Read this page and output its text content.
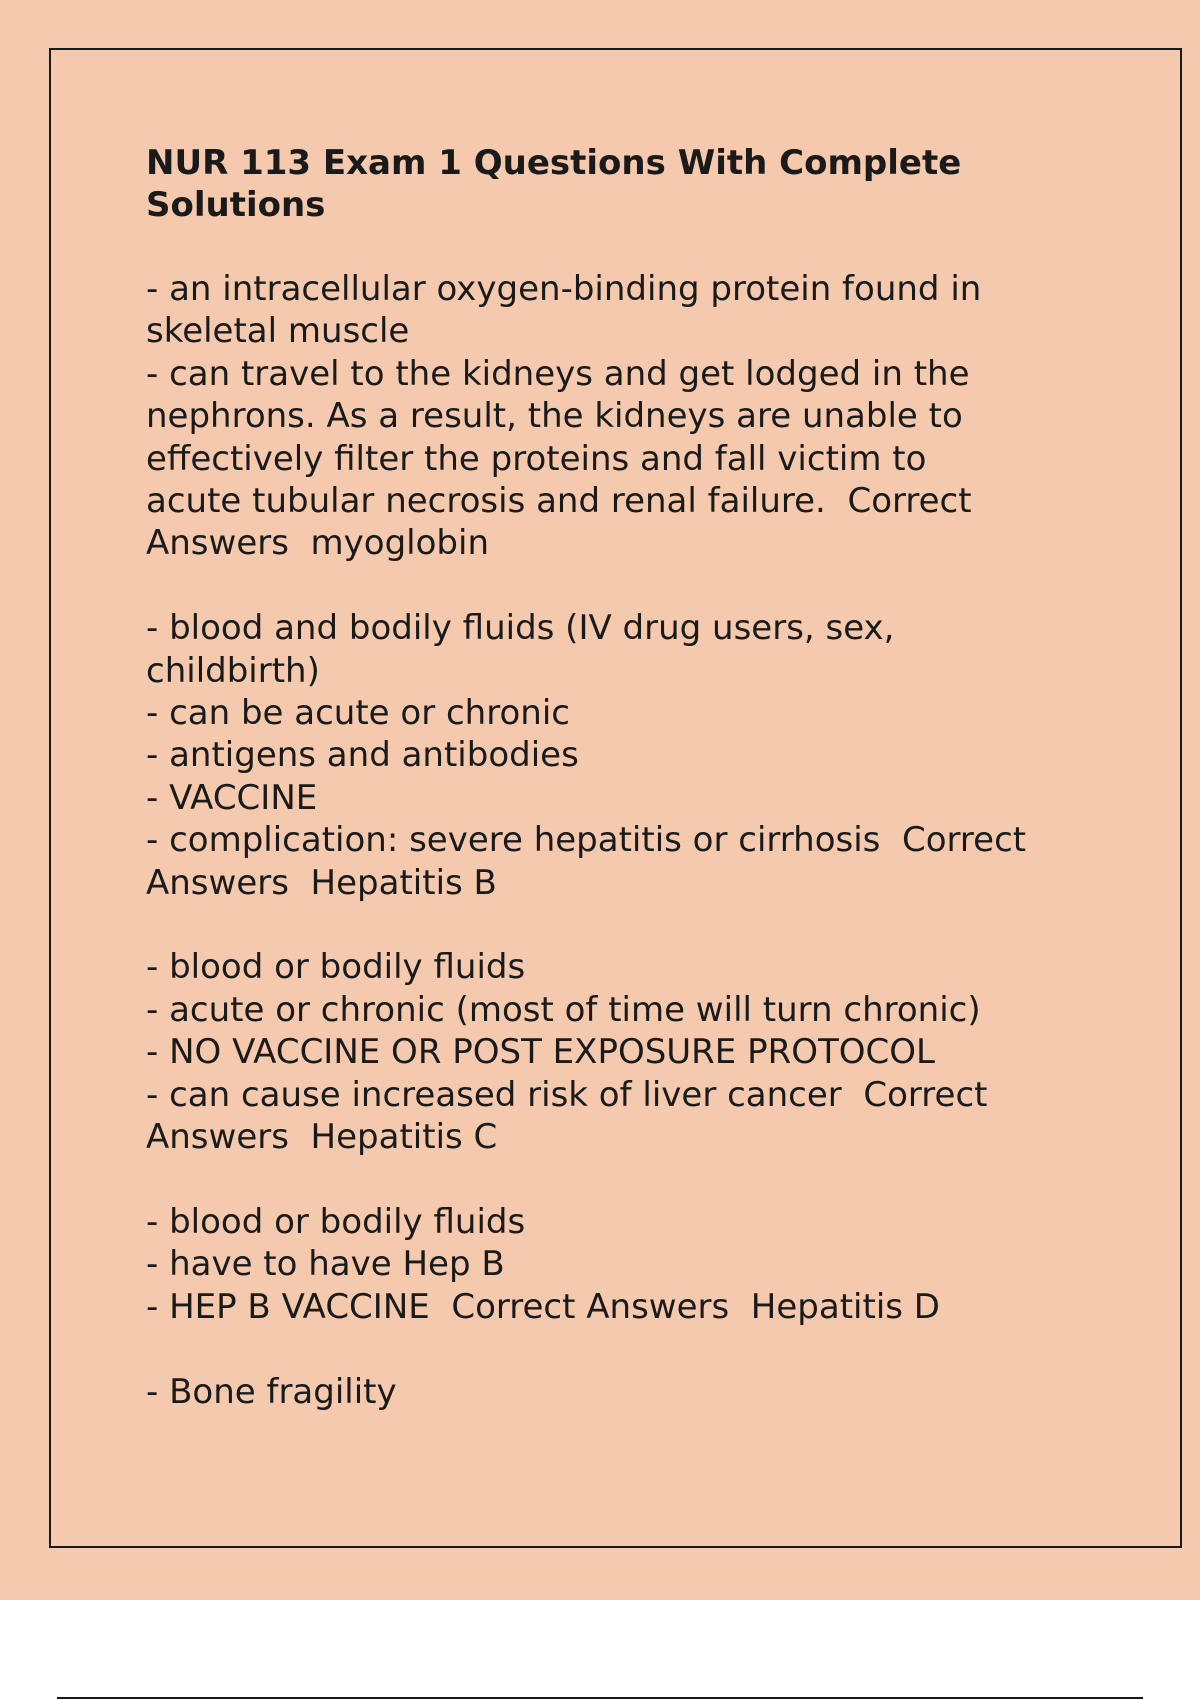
NUR 113 Exam 1 Questions With Complete Solutions
- an intracellular oxygen-binding protein found in
skeletal muscle
- can travel to the kidneys and get lodged in the
nephrons. As a result, the kidneys are unable to
effectively filter the proteins and fall victim to
acute tubular necrosis and renal failure.  Correct
Answers  myoglobin
- blood and bodily fluids (IV drug users, sex,
childbirth)
- can be acute or chronic
- antigens and antibodies
- VACCINE
- complication: severe hepatitis or cirrhosis  Correct
Answers  Hepatitis B
- blood or bodily fluids
- acute or chronic (most of time will turn chronic)
- NO VACCINE OR POST EXPOSURE PROTOCOL
- can cause increased risk of liver cancer  Correct
Answers  Hepatitis C
- blood or bodily fluids
- have to have Hep B
- HEP B VACCINE  Correct Answers  Hepatitis D
- Bone fragility
